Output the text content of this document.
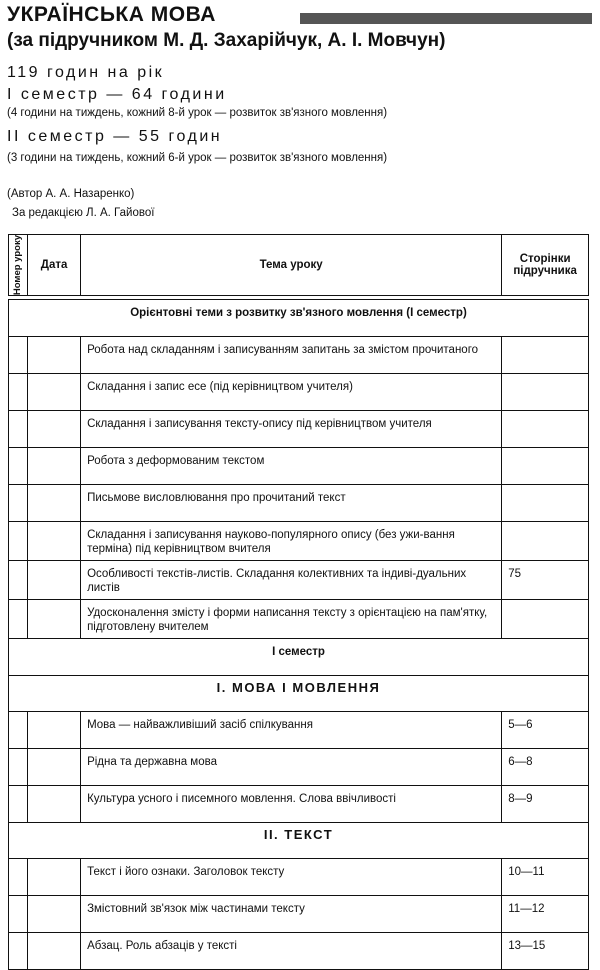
УКРАЇНСЬКА МОВА
(за підручником М. Д. Захарійчук, А. І. Мовчун)
119 годин на рік
І семестр — 64 години
(4 години на тиждень, кожний 8-й урок — розвиток зв'язного мовлення)
ІІ семестр — 55 годин
(3 години на тиждень, кожний 6-й урок — розвиток зв'язного мовлення)
(Автор А. А. Назаренко)
За редакцією Л. А. Гайової
Номер уроку	Дата	Тема уроку	Сторінки підручника
Орієнтовні теми з розвитку зв'язного мовлення (І семестр)			
		Робота над складанням і записуванням запитань за змістом прочитаного	
		Складання і запис есе (під керівництвом учителя)	
		Складання і записування тексту-опису під керівництвом учителя	
		Робота з деформованим текстом	
		Письмове висловлювання про прочитаний текст	
		Складання і записування науково-популярного опису (без ужи-вання терміна) під керівництвом вчителя	
		Особливості текстів-листів. Складання колективних та індиві-дуальних листів	75
		Удосконалення змісту і форми написання тексту з орієнтацією на пам'ятку, підготовлену вчителем	
І семестр			
І. МОВА І МОВЛЕННЯ			
		Мова — найважливіший засіб спілкування	5—6
		Рідна та державна мова	6—8
		Культура усного і писемного мовлення. Слова ввічливості	8—9
ІІ. ТЕКСТ			
		Текст і його ознаки. Заголовок тексту	10—11
		Змістовний зв'язок між частинами тексту	11—12
		Абзац. Роль абзаців у тексті	13—15
